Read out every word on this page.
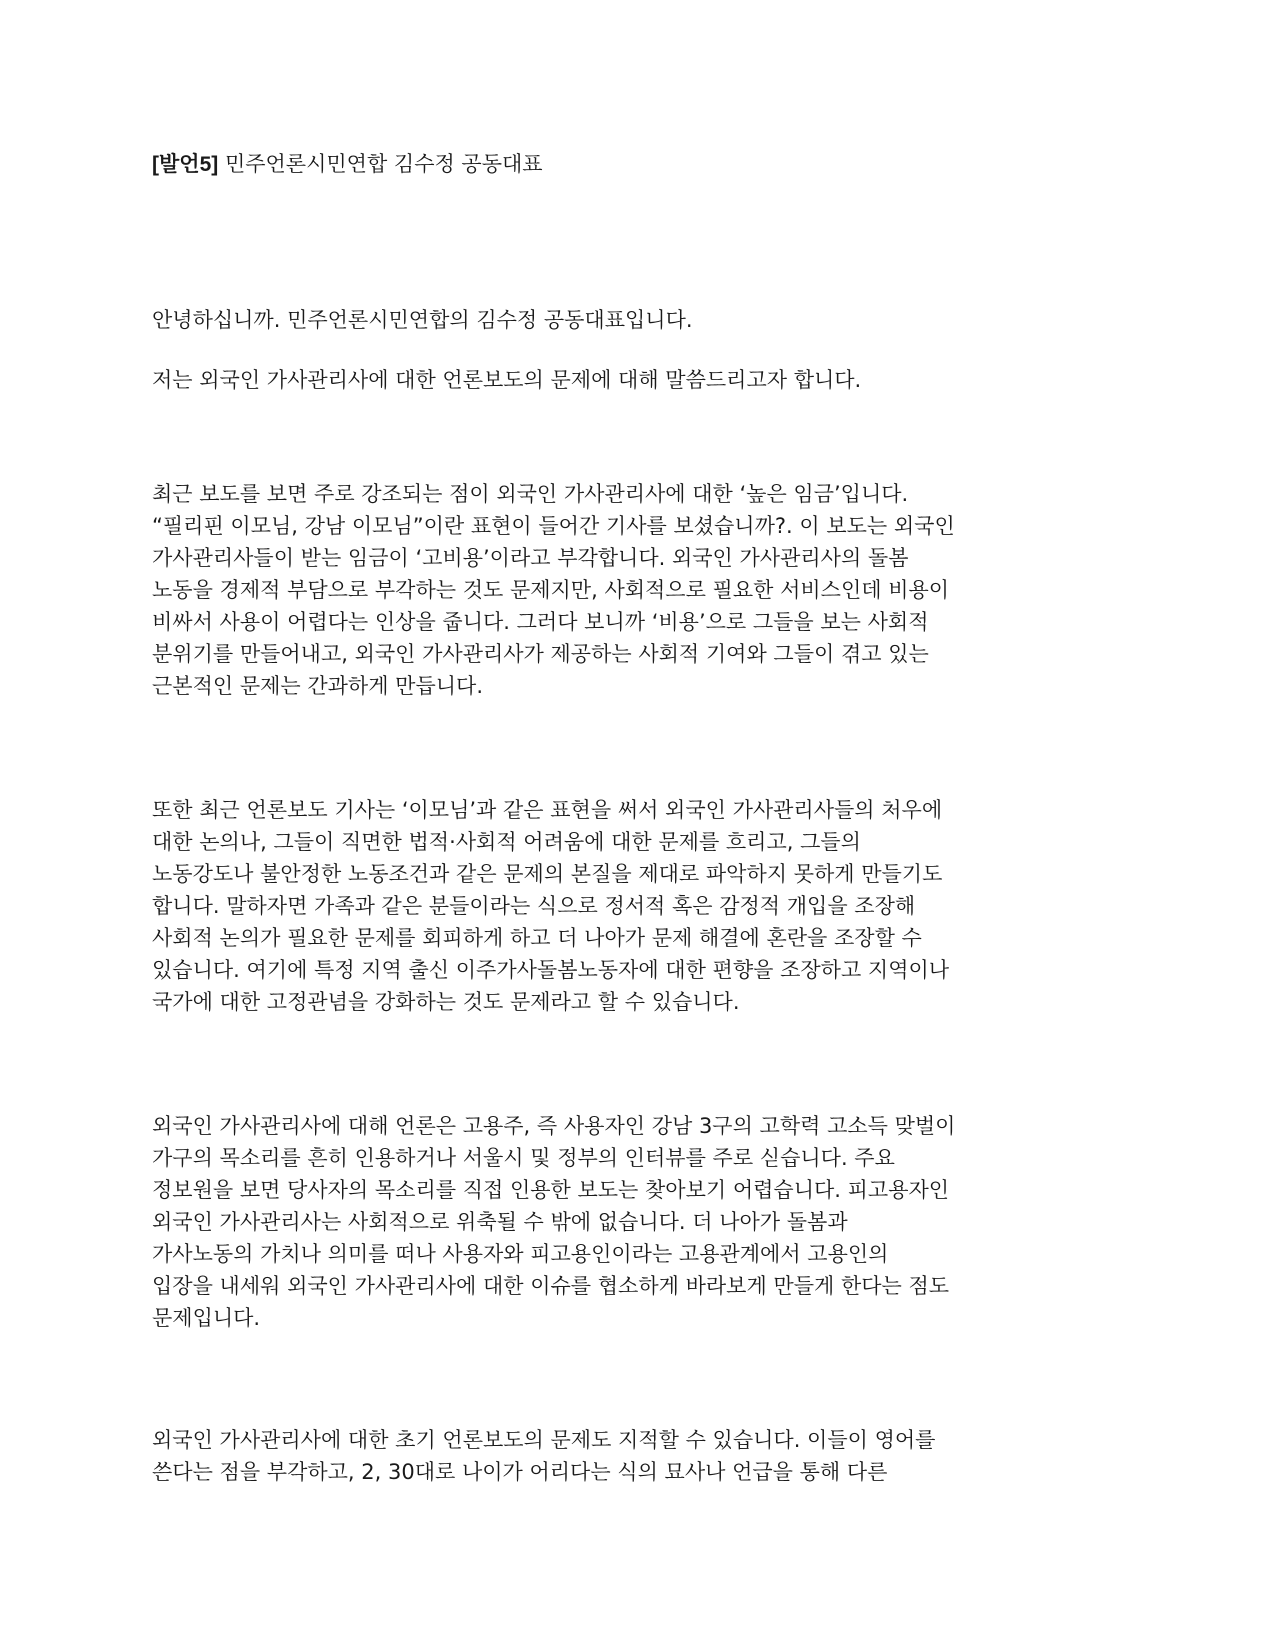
[발언5] 민주언론시민연합 김수정 공동대표
안녕하십니까. 민주언론시민연합의 김수정 공동대표입니다.
저는 외국인 가사관리사에 대한 언론보도의 문제에 대해 말씀드리고자 합니다.
최근 보도를 보면 주로 강조되는 점이 외국인 가사관리사에 대한 ‘높은 임금’입니다.
“필리핀 이모님, 강남 이모님”이란 표현이 들어간 기사를 보셨습니까?. 이 보도는 외국인
가사관리사들이 받는 임금이 ‘고비용’이라고 부각합니다. 외국인 가사관리사의 돌봄
노동을 경제적 부담으로 부각하는 것도 문제지만, 사회적으로 필요한 서비스인데 비용이
비싸서 사용이 어렵다는 인상을 줍니다. 그러다 보니까 ‘비용’으로 그들을 보는 사회적
분위기를 만들어내고, 외국인 가사관리사가 제공하는 사회적 기여와 그들이 겪고 있는
근본적인 문제는 간과하게 만듭니다.
또한 최근 언론보도 기사는 ‘이모님’과 같은 표현을 써서 외국인 가사관리사들의 처우에
대한 논의나, 그들이 직면한 법적·사회적 어려움에 대한 문제를 흐리고, 그들의
노동강도나 불안정한 노동조건과 같은 문제의 본질을 제대로 파악하지 못하게 만들기도
합니다. 말하자면 가족과 같은 분들이라는 식으로 정서적 혹은 감정적 개입을 조장해
사회적 논의가 필요한 문제를 회피하게 하고 더 나아가 문제 해결에 혼란을 조장할 수
있습니다. 여기에 특정 지역 출신 이주가사돌봄노동자에 대한 편향을 조장하고 지역이나
국가에 대한 고정관념을 강화하는 것도 문제라고 할 수 있습니다.
외국인 가사관리사에 대해 언론은 고용주, 즉 사용자인 강남 3구의 고학력 고소득 맞벌이
가구의 목소리를 흔히 인용하거나 서울시 및 정부의 인터뷰를 주로 싣습니다. 주요
정보원을 보면 당사자의 목소리를 직접 인용한 보도는 찾아보기 어렵습니다. 피고용자인
외국인 가사관리사는 사회적으로 위축될 수 밖에 없습니다. 더 나아가 돌봄과
가사노동의 가치나 의미를 떠나 사용자와 피고용인이라는 고용관계에서 고용인의
입장을 내세워 외국인 가사관리사에 대한 이슈를 협소하게 바라보게 만들게 한다는 점도
문제입니다.
외국인 가사관리사에 대한 초기 언론보도의 문제도 지적할 수 있습니다. 이들이 영어를
쓴다는 점을 부각하고, 2, 30대로 나이가 어리다는 식의 묘사나 언급을 통해 다른
